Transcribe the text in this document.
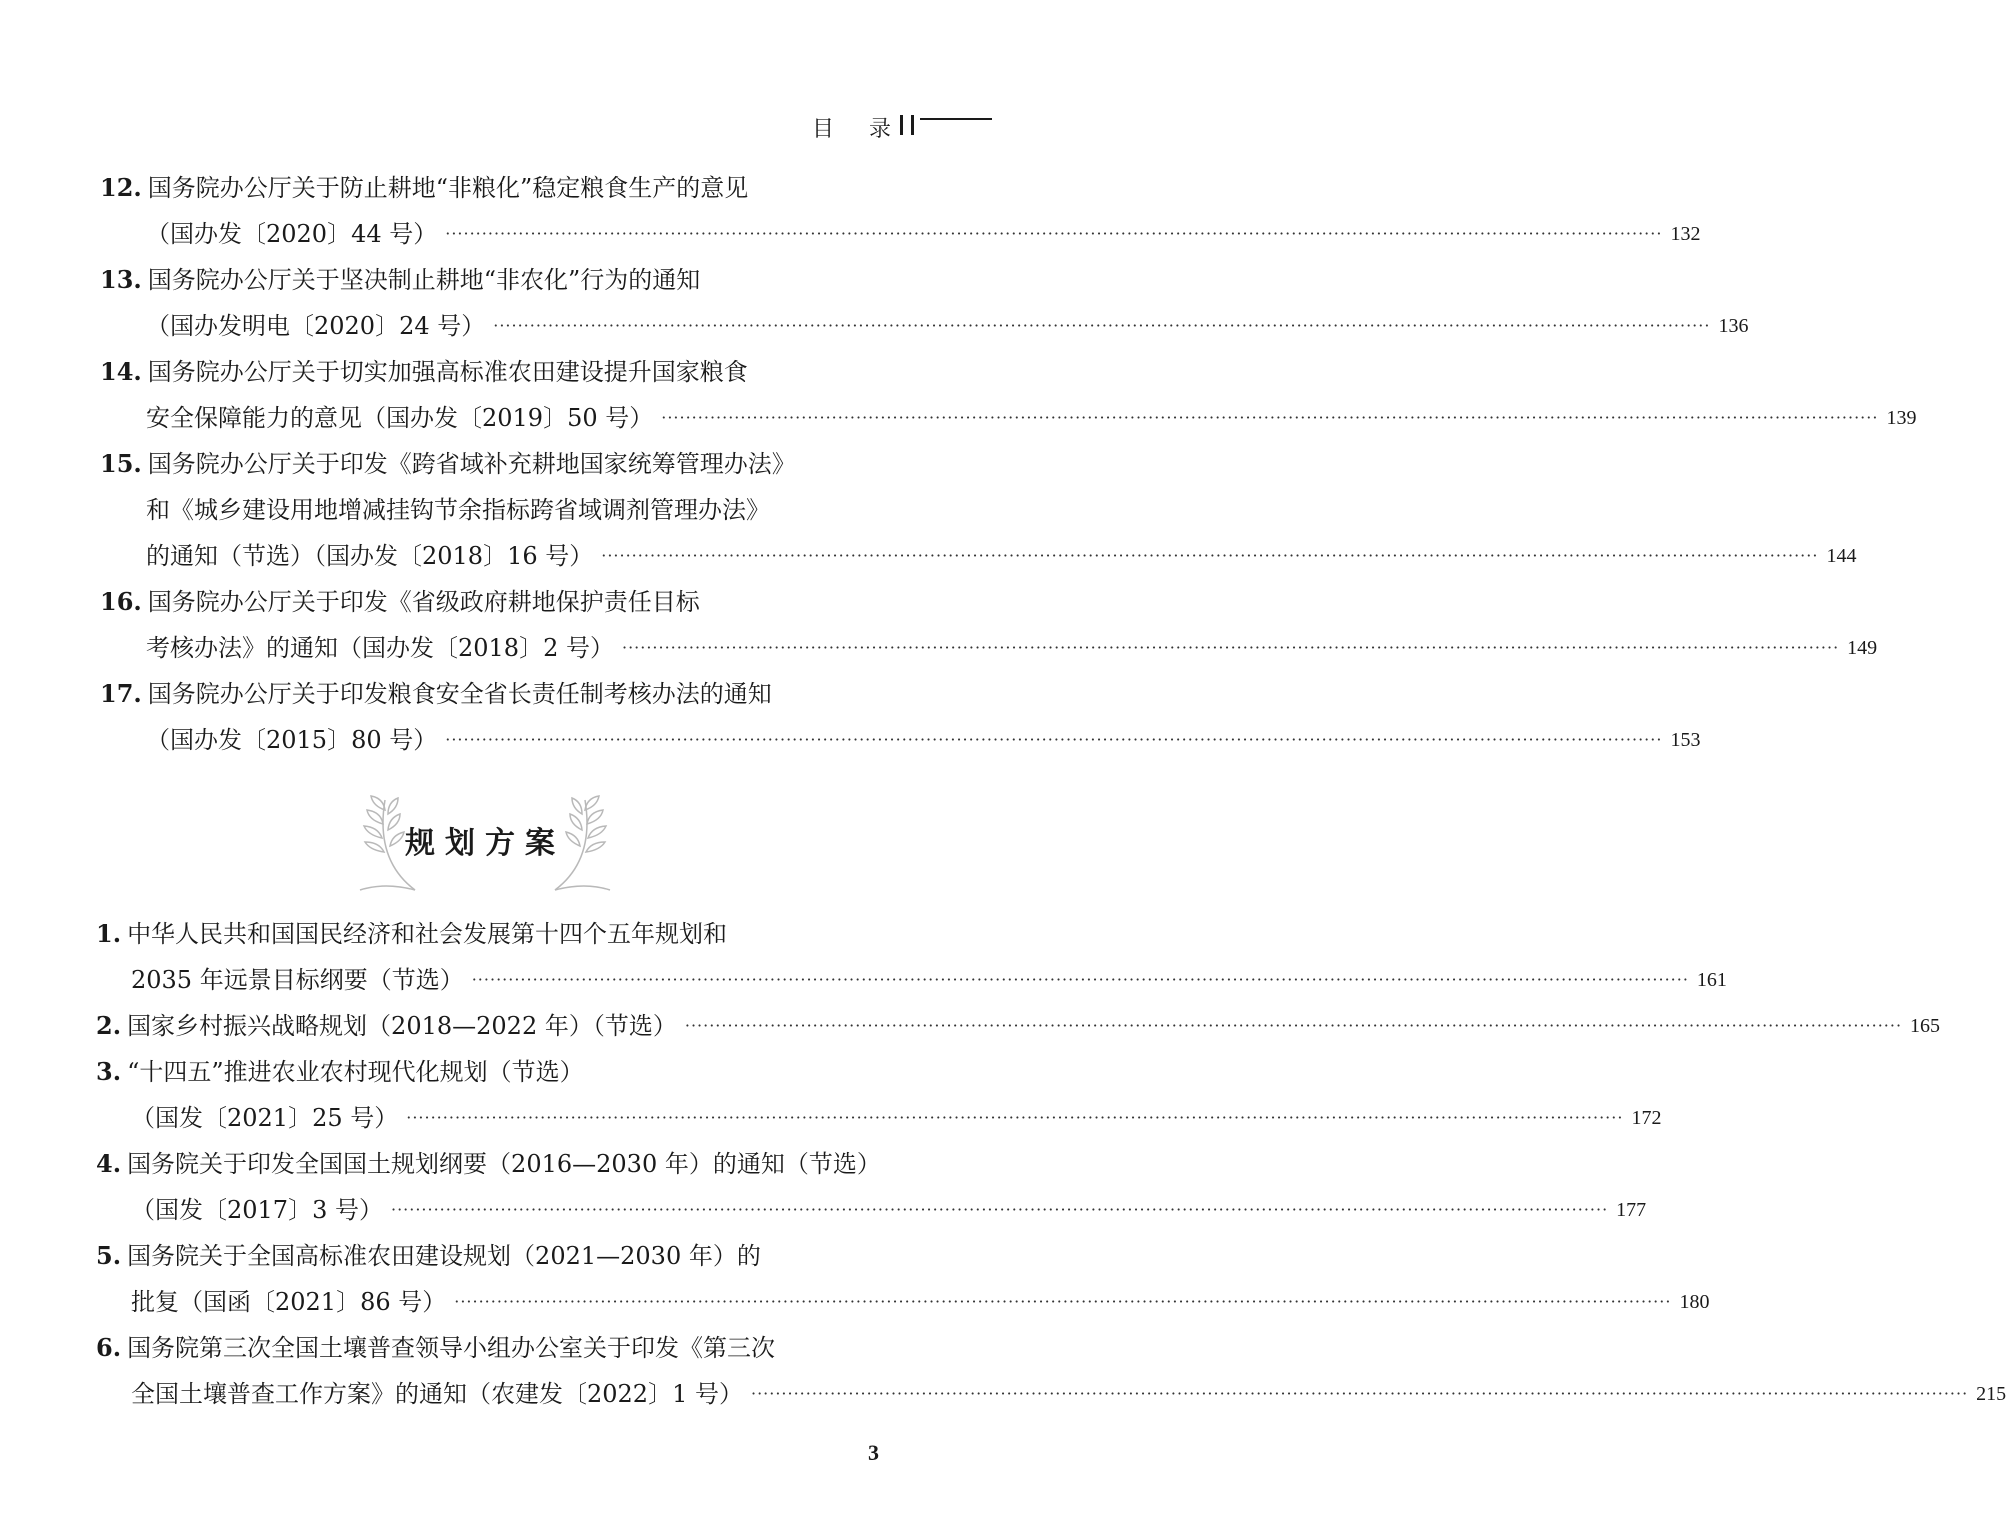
目 录
12. 国务院办公厅关于防止耕地“非粮化”稳定粮食生产的意见
（国办发〔2020〕44 号） ········································································································································································································ 132
13. 国务院办公厅关于坚决制止耕地“非农化”行为的通知
（国办发明电〔2020〕24 号） ········································································································································································································ 136
14. 国务院办公厅关于切实加强高标准农田建设提升国家粮食
安全保障能力的意见（国办发〔2019〕50 号） ········································································································································································································ 139
15. 国务院办公厅关于印发《跨省域补充耕地国家统筹管理办法》
和《城乡建设用地增减挂钩节余指标跨省域调剂管理办法》
的通知（节选）（国办发〔2018〕16 号） ········································································································································································································ 144
16. 国务院办公厅关于印发《省级政府耕地保护责任目标
考核办法》的通知（国办发〔2018〕2 号） ········································································································································································································ 149
17. 国务院办公厅关于印发粮食安全省长责任制考核办法的通知
（国办发〔2015〕80 号） ········································································································································································································ 153
1. 中华人民共和国国民经济和社会发展第十四个五年规划和
2035 年远景目标纲要（节选） ········································································································································································································ 161
2. 国家乡村振兴战略规划（2018—2022 年）（节选） ········································································································································································································ 165
3. “十四五”推进农业农村现代化规划（节选）
（国发〔2021〕25 号） ········································································································································································································ 172
4. 国务院关于印发全国国土规划纲要（2016—2030 年）的通知（节选）
（国发〔2017〕3 号） ········································································································································································································ 177
5. 国务院关于全国高标准农田建设规划（2021—2030 年）的
批复（国函〔2021〕86 号） ········································································································································································································ 180
6. 国务院第三次全国土壤普查领导小组办公室关于印发《第三次
全国土壤普查工作方案》的通知（农建发〔2022〕1 号） ········································································································································································································ 215
规划方案
3
